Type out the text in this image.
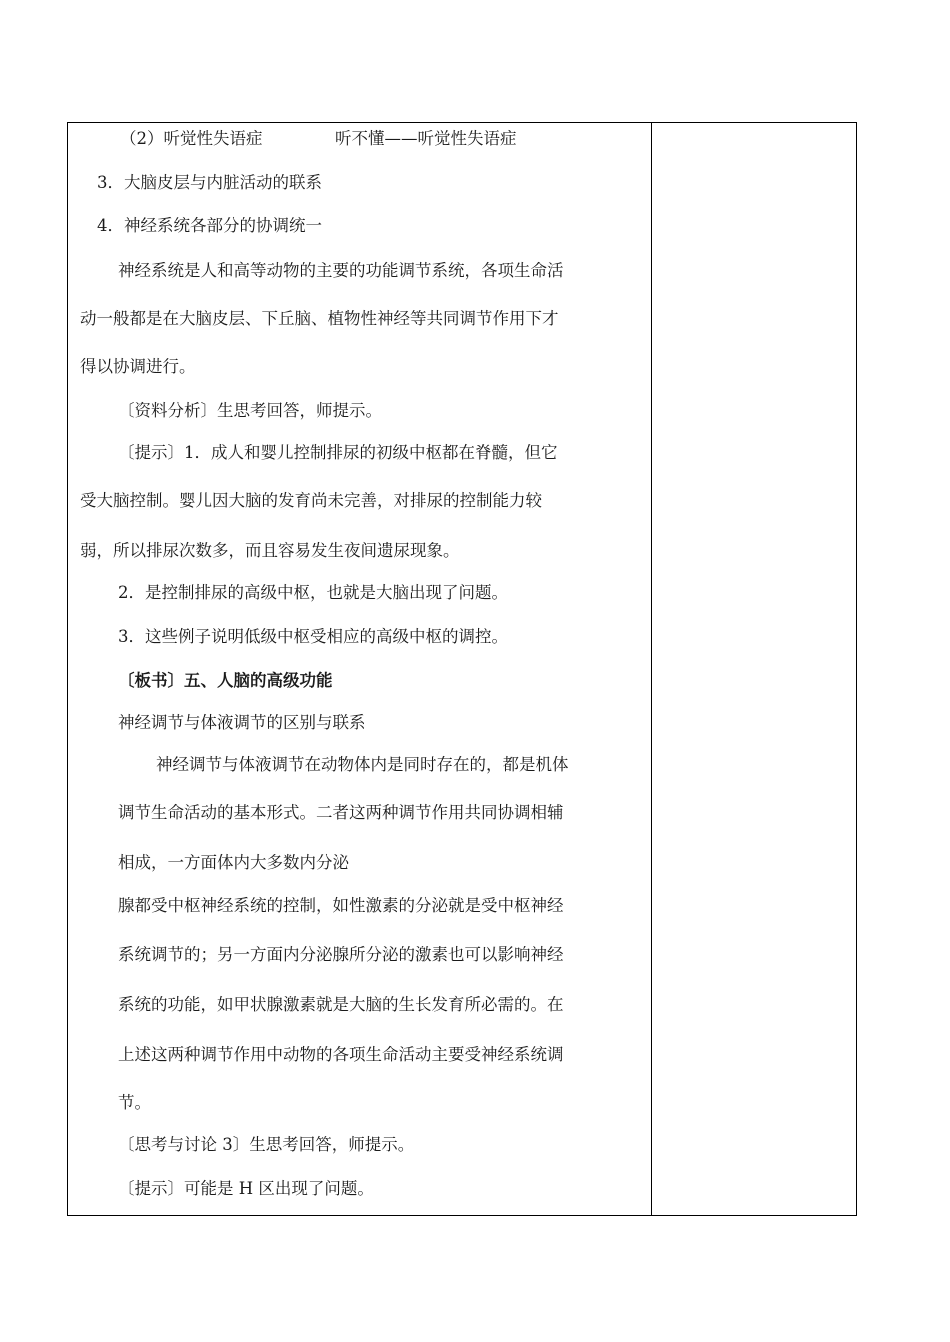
（2）听觉性失语症	听不懂——听觉性失语症
3．大脑皮层与内脏活动的联系
4．神经系统各部分的协调统一
神经系统是人和高等动物的主要的功能调节系统，各项生命活
动一般都是在大脑皮层、下丘脑、植物性神经等共同调节作用下才
得以协调进行。
〔资料分析〕生思考回答，师提示。
〔提示〕1．成人和婴儿控制排尿的初级中枢都在脊髓，但它
受大脑控制。婴儿因大脑的发育尚未完善，对排尿的控制能力较
弱，所以排尿次数多，而且容易发生夜间遗尿现象。
2．是控制排尿的高级中枢，也就是大脑出现了问题。
3．这些例子说明低级中枢受相应的高级中枢的调控。
〔板书〕五、人脑的高级功能
神经调节与体液调节的区别与联系
神经调节与体液调节在动物体内是同时存在的，都是机体
调节生命活动的基本形式。二者这两种调节作用共同协调相辅
相成，一方面体内大多数内分泌
腺都受中枢神经系统的控制，如性激素的分泌就是受中枢神经
系统调节的；另一方面内分泌腺所分泌的激素也可以影响神经
系统的功能，如甲状腺激素就是大脑的生长发育所必需的。在
上述这两种调节作用中动物的各项生命活动主要受神经系统调
节。
〔思考与讨论 3〕生思考回答，师提示。
〔提示〕可能是 H 区出现了问题。
